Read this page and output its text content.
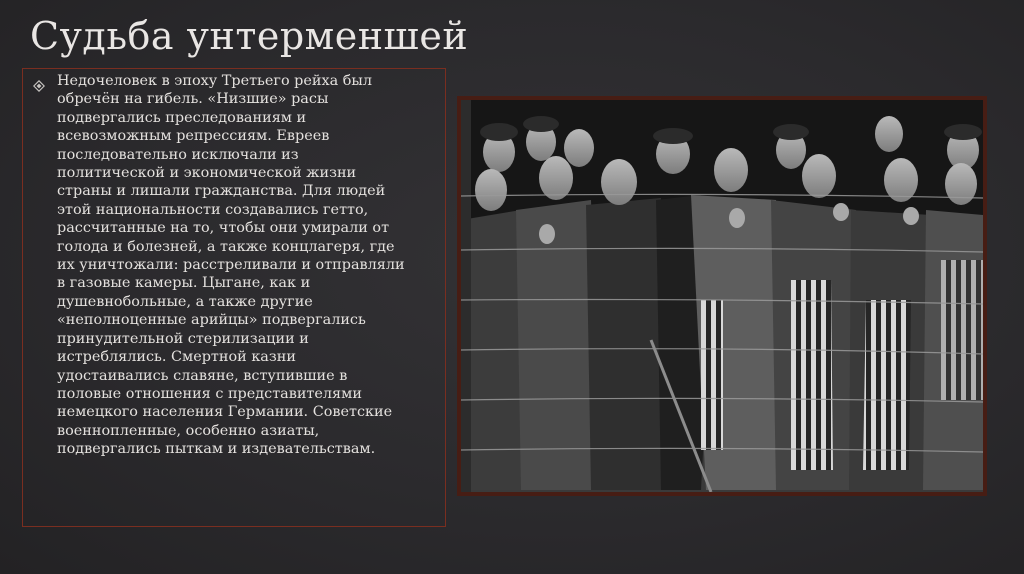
Судьба унтерменшей

Недочеловек в эпоху Третьего рейха был
обречён на гибель. «Низшие» расы
подвергались преследованиям и
всевозможным репрессиям. Евреев
последовательно исключали из
политической и экономической жизни
страны и лишали гражданства. Для людей
этой национальности создавались гетто,
рассчитанные на то, чтобы они умирали от
голода и болезней, а также концлагеря, где
их уничтожали: расстреливали и отправляли
в газовые камеры. Цыгане, как и
душевнобольные, а также другие
«неполноценные арийцы» подвергались
принудительной стерилизации и
истреблялись. Смертной казни
удостаивались славяне, вступившие в
половые отношения с представителями
немецкого населения Германии. Советские
военнопленные, особенно азиаты,
подвергались пыткам и издевательствам.
